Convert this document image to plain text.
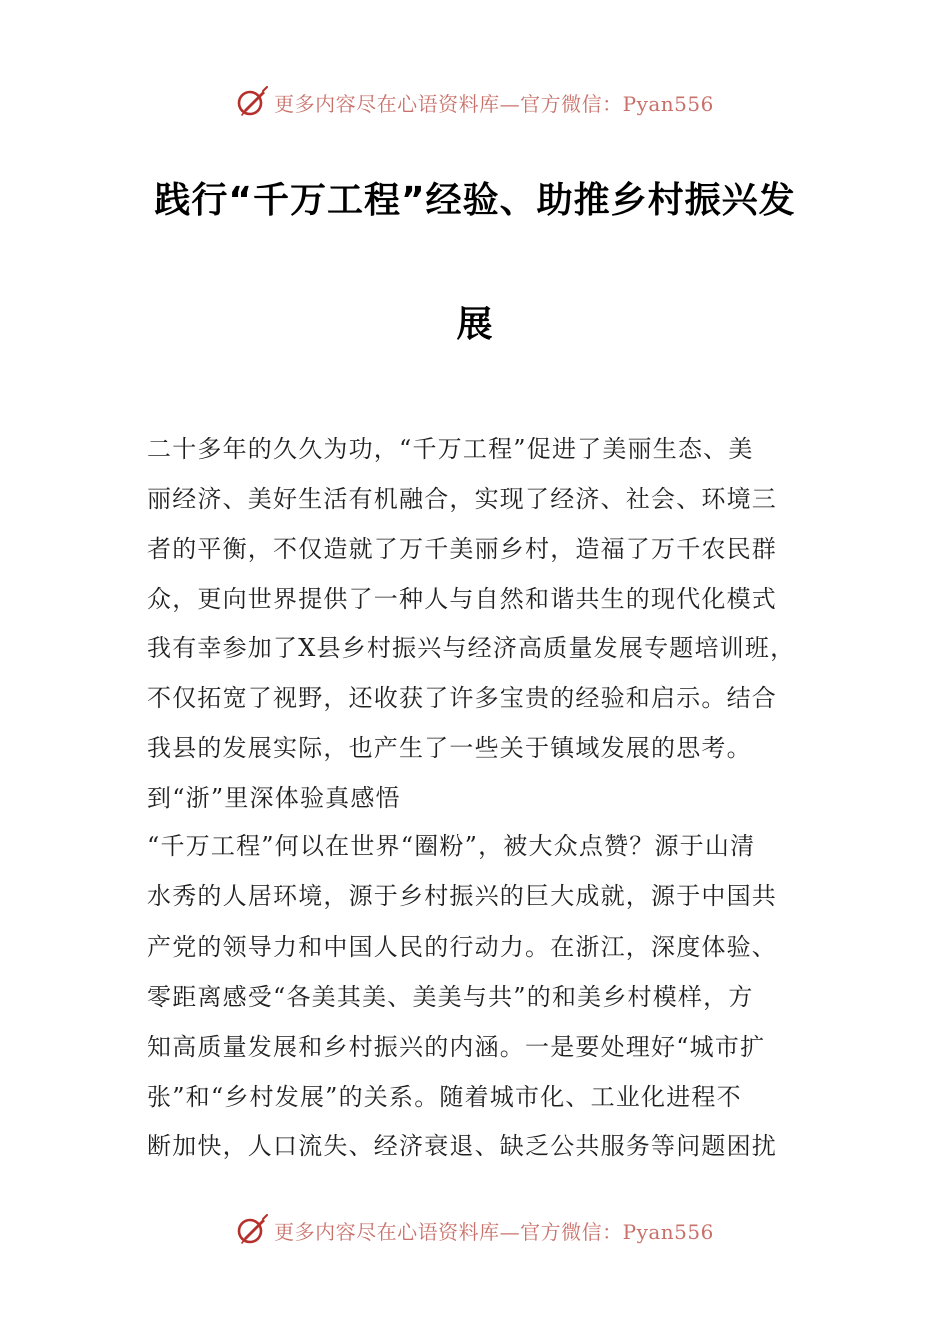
更多内容尽在心语资料库—官方微信：Pyan556
践行“千万工程”经验、助推乡村振兴发
展
二十多年的久久为功，“千万工程”促进了美丽生态、美
丽经济、美好生活有机融合，实现了经济、社会、环境三
者的平衡，不仅造就了万千美丽乡村，造福了万千农民群
众，更向世界提供了一种人与自然和谐共生的现代化模式
我有幸参加了X县乡村振兴与经济高质量发展专题培训班，
不仅拓宽了视野，还收获了许多宝贵的经验和启示。结合
我县的发展实际，也产生了一些关于镇域发展的思考。
到“浙”里深体验真感悟
“千万工程”何以在世界“圈粉”，被大众点赞？源于山清
水秀的人居环境，源于乡村振兴的巨大成就，源于中国共
产党的领导力和中国人民的行动力。在浙江，深度体验、
零距离感受“各美其美、美美与共”的和美乡村模样，方
知高质量发展和乡村振兴的内涵。一是要处理好“城市扩
张”和“乡村发展”的关系。随着城市化、工业化进程不
断加快，人口流失、经济衰退、缺乏公共服务等问题困扰
更多内容尽在心语资料库—官方微信：Pyan556
